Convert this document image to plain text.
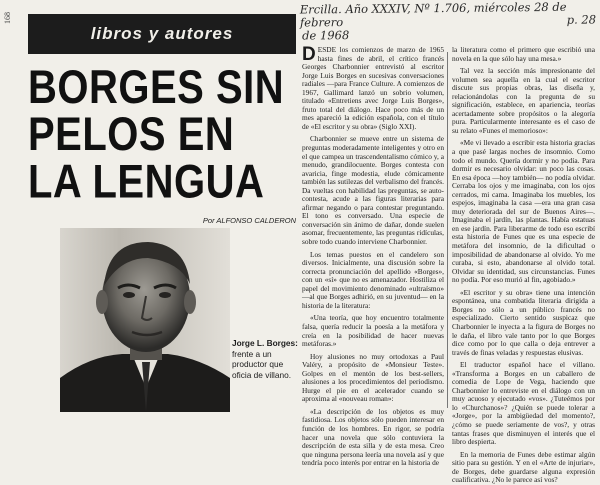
168
Ercilla. Año XXXIV, Nº 1.706, miércoles 28 de febrero	p. 28

de 1968
libros y autores
BORGES SIN
PELOS EN
LA LENGUA
Por ALFONSO CALDERON
Jorge L. Borges: frente a un productor que oficia de villano.

DESDE los comienzos de marzo de 1965 hasta fines de abril, el crítico francés Georges Charbonnier entrevistó al escritor Jorge Luis Borges en sucesivas conversaciones radiales —para France Culture. A comienzos de 1967, Gallimard lanzó un sobrio volumen, titulado «Entretiens avec Jorge Luis Borges», fruto total del diálogo. Hace poco más de un mes apareció la edición española, con el título de «El escritor y su obra» (Siglo XXI).

Charbonnier se mueve entre un sistema de preguntas moderadamente inteligentes y otro en el que campea un trascendentalismo cómico y, a menudo, grandilocuente. Borges contesta con avaricia, finge modestia, elude cómicamente también las sutilezas del verbalismo del francés. Da vueltas con habilidad las preguntas, se auto-contesta, acude a las figuras literarias para afirmar negando o para contestar preguntando. El tono es conversado. Una especie de conversación sin ánimo de dañar, donde suelen asomar, frecuentemente, las preguntas ridículas, sobre todo cuando interviene Charbonnier.

Los temas puestos en el candelero son diversos. Inicialmente, una discusión sobre la correcta pronunciación del apellido «Borges», con un «sí» que no es amenazador. Hostiliza el papel del movimiento denominado «ultraísmo» —al que Borges adhirió, en su juventud— en la historia de la literatura:

«Una teoría, que hoy encuentro totalmente falsa, quería reducir la poesía a la metáfora y creía en la posibilidad de hacer nuevas metáforas.»

Hoy alusiones no muy ortodoxas a Paul Valéry, a propósito de «Monsieur Teste». Golpes en el mentón de los best-sellers, alusiones a los procedimientos del periodismo. Hurge el pie en el acelerador cuando se aproxima al «nouveau roman»:

«La descripción de los objetos es muy fastidiosa. Los objetos sólo pueden interesar en función de los hombres. En rigor, se podría hacer una novela que sólo contuviera la descripción de esta silla y de esta mesa. Creo que ninguna persona leería una novela así y que tendría poco interés por entrar en la historia de

la literatura como el primero que escribió una novela en la que sólo hay una mesa.»

Tal vez la sección más impresionante del volumen sea aquella en la cual el escritor discute sus propias obras, las diseña y, relacionándolas con la pregunta de su significación, establece, en apariencia, teorías acertadamente sobre propósitos o la alegoría pura. Particularmente interesante es el caso de su relato «Funes el memorioso»:

«Me vi llevado a escribir esta historia gracias a que pasé largas noches de insomnio. Como todo el mundo. Quería dormir y no podía. Para dormir es necesario olvidar: un poco las cosas. En esa época —hoy también— no podía olvidar. Cerraba los ojos y me imaginaba, con los ojos cerrados, mi cama. Imaginaba los muebles, los espejos, imaginaba la casa —era una gran casa muy deteriorada del sur de Buenos Aires—. Imaginaba el jardín, las plantas. Había estatuas en ese jardín. Para liberarme de todo eso escribí esta historia de Funes que es una especie de metáfora del insomnio, de la dificultad o imposibilidad de abandonarse al olvido. Yo me curaba, si esto, abandonarse al olvido total. Olvidar su identidad, sus circunstancias. Funes no podía. Por eso murió al fin, agobiado.»

«El escritor y su obra» tiene una intención espontánea, una combatida literaria dirigida a Borges no sólo a un público francés no especializado. Cierto sentido suspicaz que Charbonnier le inyecta a la figura de Borges no le daña, el libro vale tanto por lo que Borges dice como por lo que calla o deja entrever a través de finas veladas y respuestas elusivas.

El traductor español hace el villano. «Transforma a Borges en un caballero de comedia de Lope de Vega, haciendo que Charbonnier lo entreviste en el diálogo con un muy acuoso y ejecutado «vos». ¿Tuteémos por lo «Churchanos»? ¿Quién se puede tolerar a «Jorge», por la ambigüedad del momento?, ¿cómo se puede seriamente de vos?, y otras tantas frases que disminuyen el interés que el libro despierta.

En la memoria de Funes debe estimar algún sitio para su gestión. Y en el «Arte de injuriar», de Borges, debe guardarse alguna expresión cualificativa. ¿No le parece así vos?
